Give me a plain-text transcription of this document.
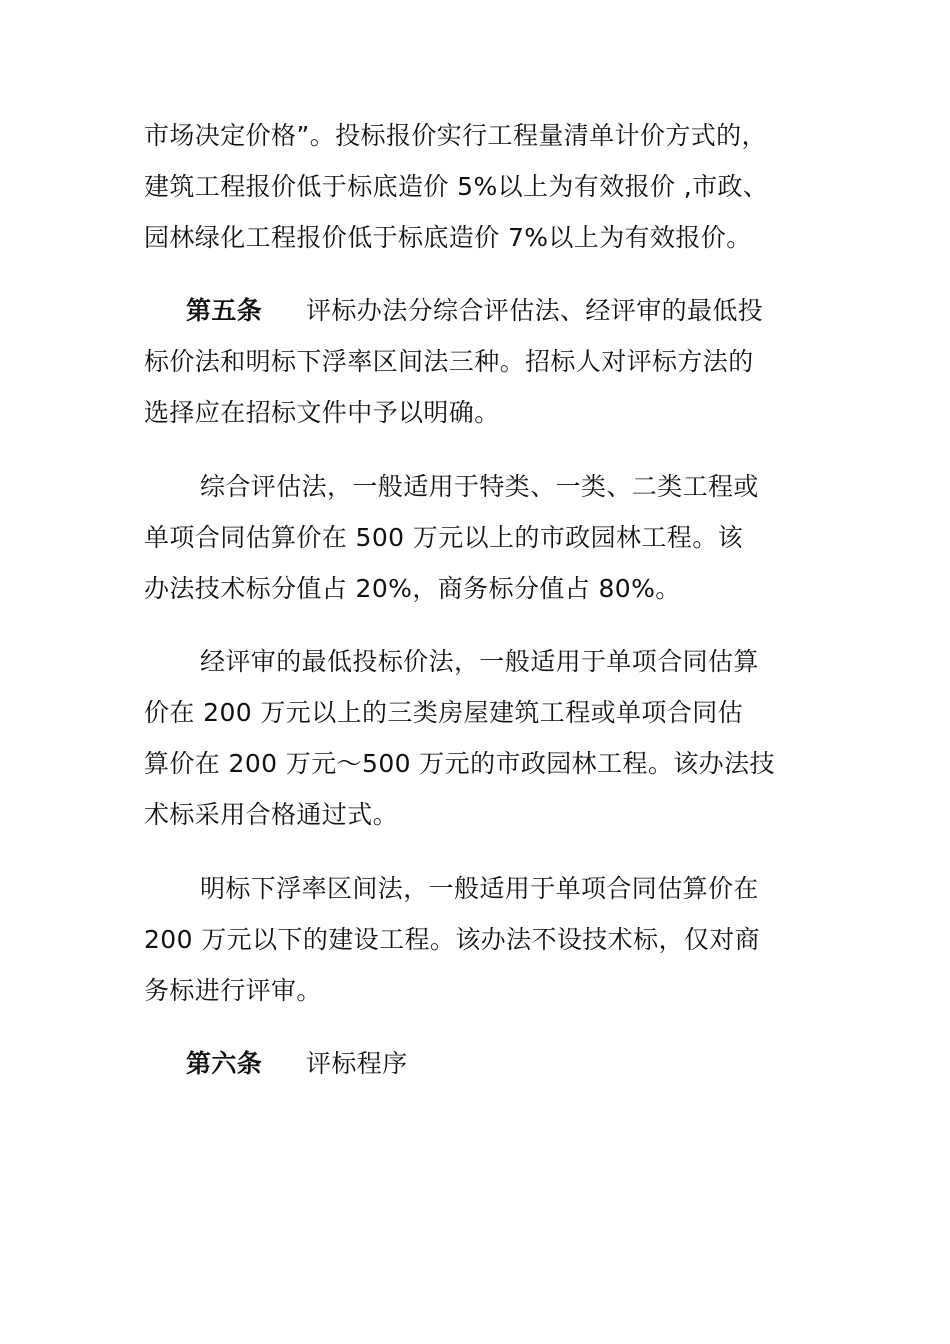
市场决定价格”。投标报价实行工程量清单计价方式的，
建筑工程报价低于标底造价 5%以上为有效报价 ,市政、
园林绿化工程报价低于标底造价 7%以上为有效报价。
第五条 评标办法分综合评估法、经评审的最低投
标价法和明标下浮率区间法三种。招标人对评标方法的
选择应在招标文件中予以明确。
综合评估法，一般适用于特类、一类、二类工程或
单项合同估算价在 500 万元以上的市政园林工程。该
办法技术标分值占 20%，商务标分值占 80%。
经评审的最低投标价法，一般适用于单项合同估算
价在 200 万元以上的三类房屋建筑工程或单项合同估
算价在 200 万元～500 万元的市政园林工程。该办法技
术标采用合格通过式。
明标下浮率区间法，一般适用于单项合同估算价在
200 万元以下的建设工程。该办法不设技术标，仅对商
务标进行评审。
第六条 评标程序
